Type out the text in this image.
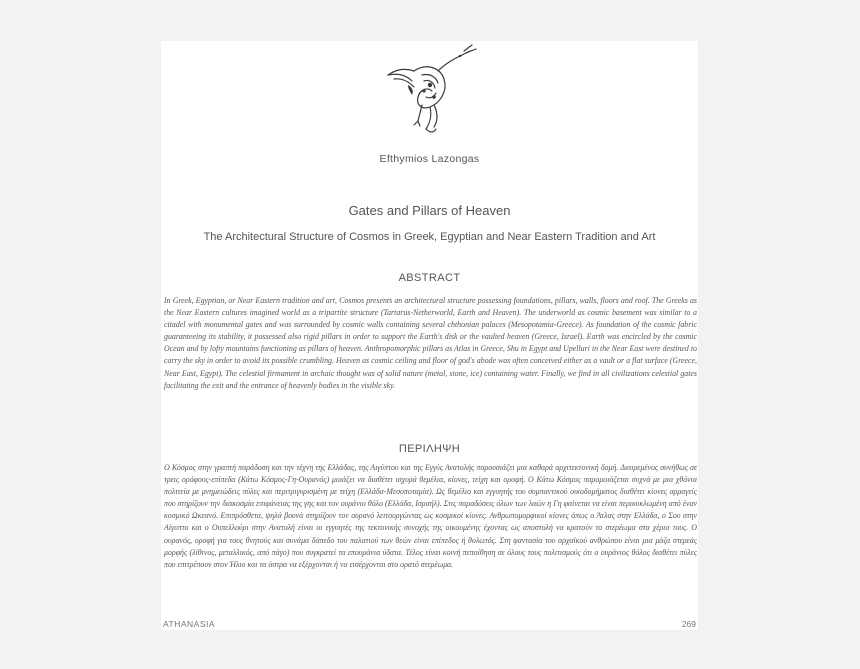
Efthymios Lazongas
Gates and Pillars of Heaven
The Architectural Structure of Cosmos in Greek, Egyptian and Near Eastern Tradition and Art
ABSTRACT
In Greek, Egyptian, or Near Eastern tradition and art, Cosmos presents an architectural structure possessing foundations, pillars, walls, floors and roof. The Greeks as the Near Eastern cultures imagined world as a tripartite structure (Tartarus-Netherworld, Earth and Heaven). The underworld as cosmic basement was similar to a citadel with monumental gates and was surrounded by cosmic walls containing several chthonian palaces (Mesopotamia-Greece). As foundation of the cosmic fabric guaranteeing its stability, it possessed also rigid pillars in order to support the Earth's disk or the vaulted heaven (Greece, Israel). Earth was encircled by the cosmic Ocean and by lofty mountains functioning as pillars of heaven. Anthropomorphic pillars as Atlas in Greece, Shu in Egypt and Upelluri in the Near East were destined to carry the sky in order to avoid its possible crumbling. Heaven as cosmic ceiling and floor of god's abode was often conceived either as a vault or a flat surface (Greece, Near East, Egypt). The celestial firmament in archaic thought was of solid nature (metal, stone, ice) containing water. Finally, we find in all civilizations celestial gates facilitating the exit and the entrance of heavenly bodies in the visible sky.
ΠΕΡΙΛΗΨΗ
Ο Κόσμος στην γραπτή παράδοση και την τέχνη της Ελλάδας, της Αιγύπτου και της Εγγύς Ανατολής παρουσιάζει μια καθαρά αρχιτεκτονική δομή. Διαιρεμένος συνήθως σε τρεις ορόφους-επίπεδα (Κάτω Κόσμος-Γη-Ουρανός) μοιάζει να διαθέτει ισχυρά θεμέλια, κίονες, τείχη και οροφή. Ο Κάτω Κόσμος παρομοιάζεται συχνά με μια χθόνια πολιτεία με μνημειώδεις πύλες και περιτριγυρισμένη με τείχη (Ελλάδα-Μεσοποταμία). Ως θεμέλιο και εγγυητής του συμπαντικού οικοδομήματος διαθέτει κίονες αρραγείς που στηρίζουν την διακοσμία επιφάνειας της γης και τον ουράνιο θόλο (Ελλάδα, Ισραήλ). Στις παραδόσεις όλων των λαών η Γη φαίνεται να είναι περικυκλωμένη από έναν κοσμικό Ωκεανό. Επιπρόσθετα, ψηλά βουνά στηρίζουν τον ουρανό λειτουργώντας ως κοσμικοί κίονες. Ανθρωπομορφικοί κίονες όπως ο Άτλας στην Ελλάδα, ο Σου στην Αίγυπτο και ο Ουπελλούρι στην Ανατολή είναι οι εγγυητές της τεκτονικής συνοχής της οικουμένης έχοντας ως αποστολή να κρατούν το στερέωμα στα χέρια τους. Ο ουρανός, οροφή για τους θνητούς και συνάμα δάπεδο του παλατιού των θεών είναι επίπεδος ή θολωτός. Στη φαντασία του αρχαϊκού ανθρώπου είναι μια μάζα στερεάς μορφής (λίθινος, μεταλλικός, από πάγο) που συγκρατεί τα επουράνια ύδατα. Τέλος είναι κοινή πεποίθηση σε όλους τους πολιτισμούς ότι ο ουράνιος θόλος διαθέτει πύλες που επιτρέπουν στον Ήλιο και τα άστρα να εξέρχονται ή να εισέρχονται στο ορατό στερέωμα.
ATHANASIA	269
